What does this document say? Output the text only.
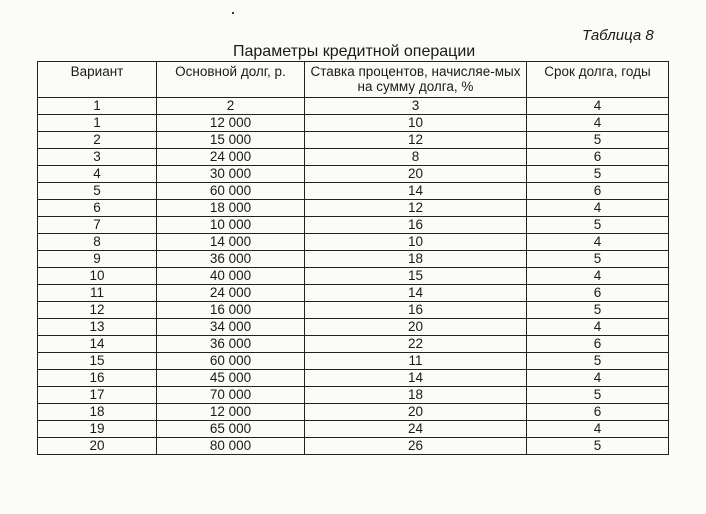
Таблица 8
Параметры кредитной операции
Вариант	Основной долг, р.	Ставка процентов, начисляе-мых на сумму долга, %	Срок долга, годы
1	2	3	4
1	12 000	10	4
2	15 000	12	5
3	24 000	8	6
4	30 000	20	5
5	60 000	14	6
6	18 000	12	4
7	10 000	16	5
8	14 000	10	4
9	36 000	18	5
10	40 000	15	4
11	24 000	14	6
12	16 000	16	5
13	34 000	20	4
14	36 000	22	6
15	60 000	11	5
16	45 000	14	4
17	70 000	18	5
18	12 000	20	6
19	65 000	24	4
20	80 000	26	5
